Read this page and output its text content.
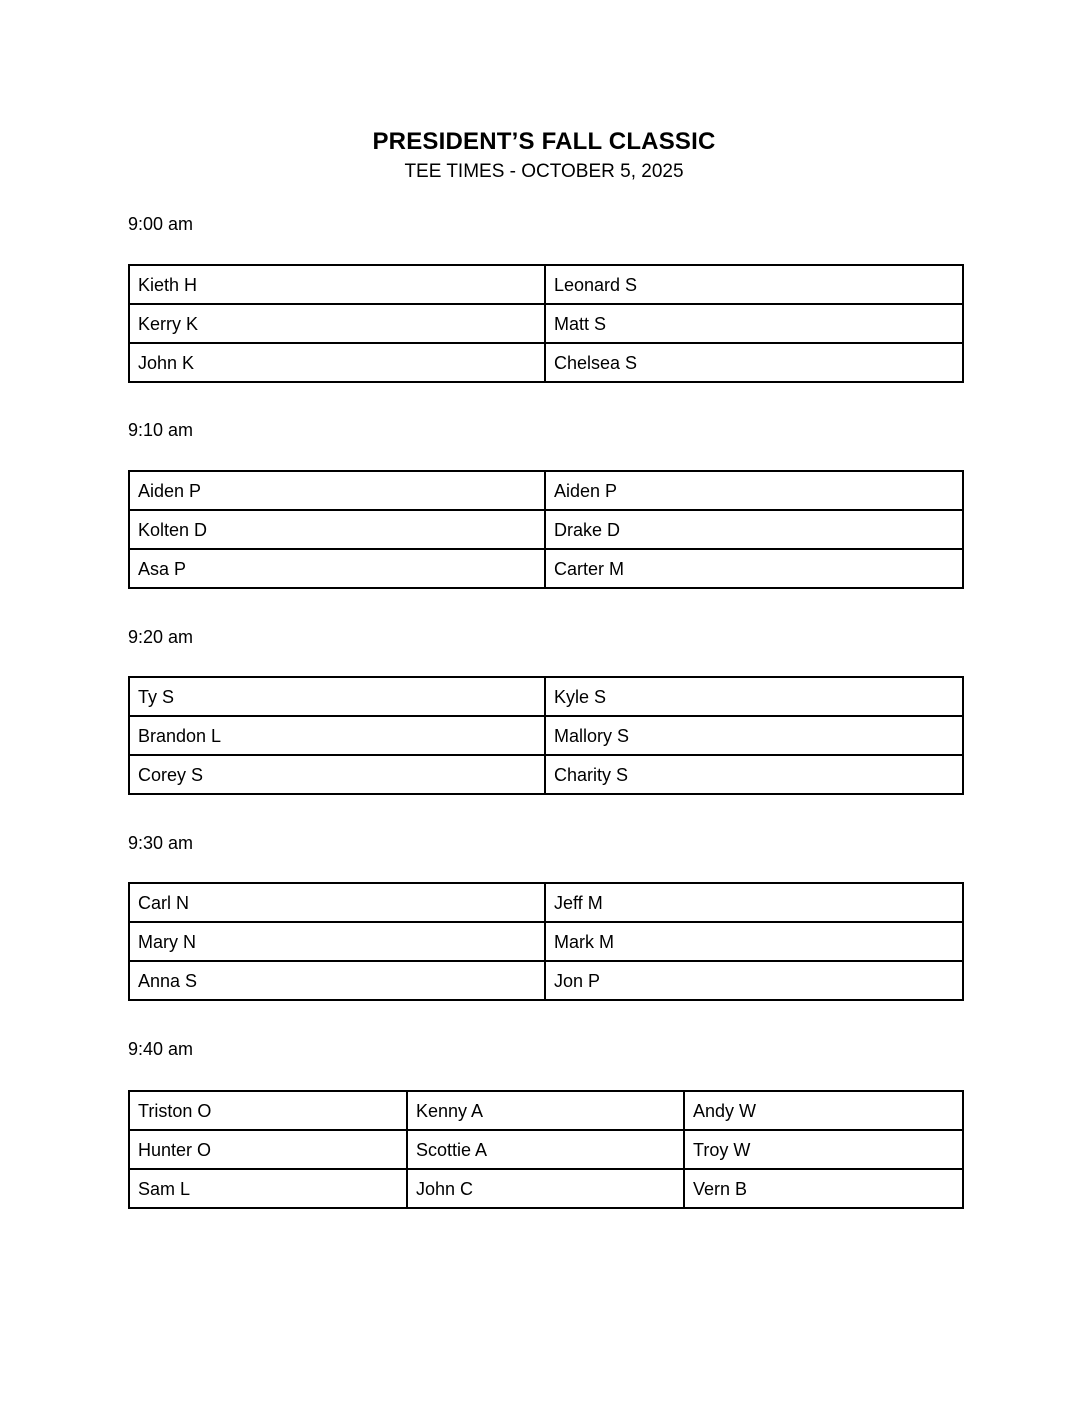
PRESIDENT’S FALL CLASSIC
TEE TIMES - OCTOBER 5, 2025
9:00 am
Kieth H	Leonard S
Kerry K	Matt S
John K	Chelsea S
9:10 am
Aiden P	Aiden P
Kolten D	Drake D
Asa P	Carter M
9:20 am
Ty S	Kyle S
Brandon L	Mallory S
Corey S	Charity S
9:30 am
Carl N	Jeff M
Mary N	Mark M
Anna S	Jon P
9:40 am
Triston O	Kenny A	Andy W
Hunter O	Scottie A	Troy W
Sam L	John C	Vern B
